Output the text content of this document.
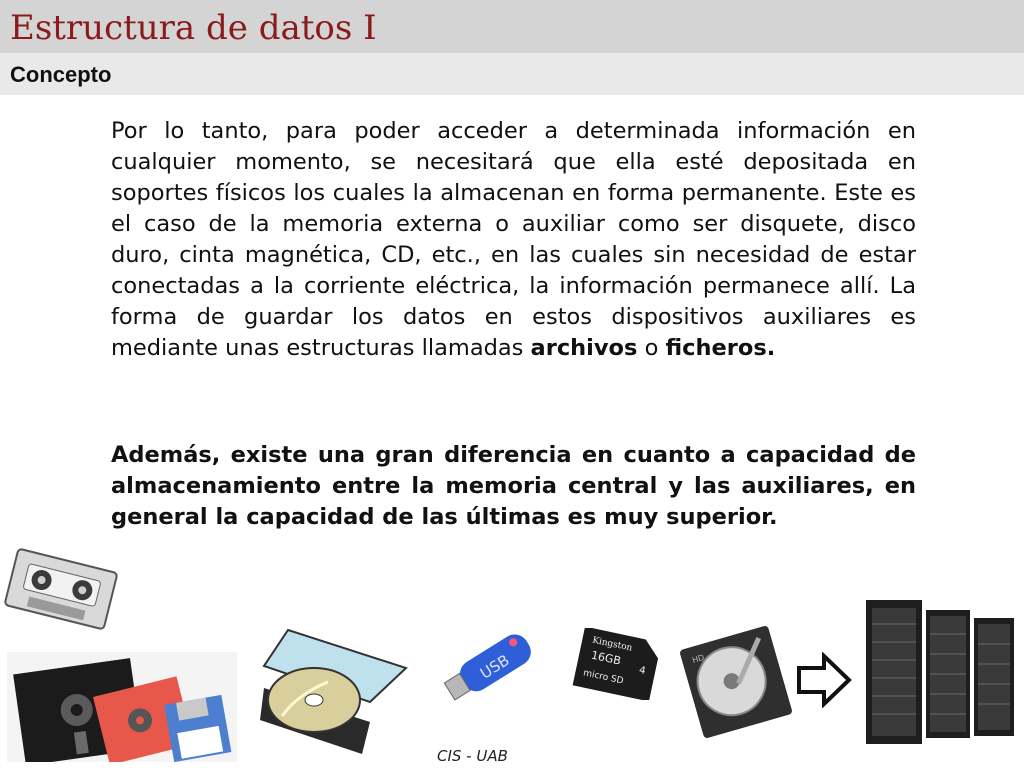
Estructura de datos I
Concepto

Por lo tanto, para poder acceder a determinada información en cualquier momento, se necesitará que ella esté depositada en soportes físicos los cuales la almacenan en forma permanente. Este es el caso de la memoria externa o auxiliar como ser disquete, disco duro, cinta magnética, CD, etc., en las cuales sin necesidad de estar conectadas a la corriente eléctrica, la información permanece allí. La forma de guardar los datos en estos dispositivos auxiliares es mediante unas estructuras llamadas archivos o ficheros.

Además, existe una gran diferencia en cuanto a capacidad de almacenamiento entre la memoria central y las auxiliares, en general la capacidad de las últimas es muy superior.

USB
Kingston
16GB
micro SD 4
HD
CIS - UAB
